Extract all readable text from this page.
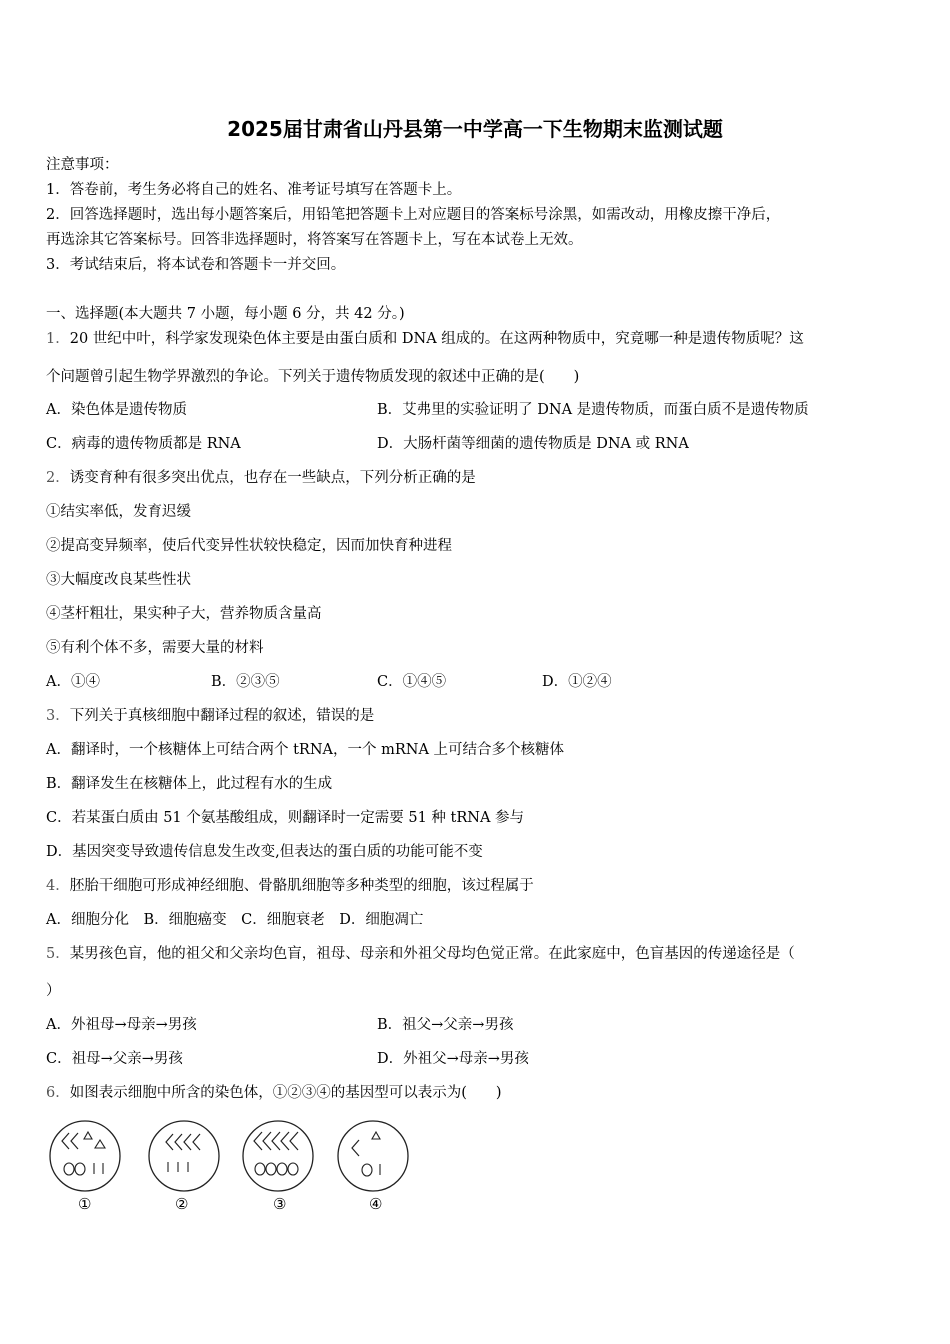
2025届甘肃省山丹县第一中学高一下生物期末监测试题
注意事项：
1．答卷前，考生务必将自己的姓名、准考证号填写在答题卡上。
2．回答选择题时，选出每小题答案后，用铅笔把答题卡上对应题目的答案标号涂黑，如需改动，用橡皮擦干净后，
再选涂其它答案标号。回答非选择题时，将答案写在答题卡上，写在本试卷上无效。
3．考试结束后，将本试卷和答题卡一并交回。
一、选择题(本大题共 7 小题，每小题 6 分，共 42 分。)
1．20 世纪中叶，科学家发现染色体主要是由蛋白质和 DNA 组成的。在这两种物质中，究竟哪一种是遗传物质呢？这
个问题曾引起生物学界激烈的争论。下列关于遗传物质发现的叙述中正确的是(　　)
A．染色体是遗传物质	B．艾弗里的实验证明了 DNA 是遗传物质，而蛋白质不是遗传物质
C．病毒的遗传物质都是 RNA	D．大肠杆菌等细菌的遗传物质是 DNA 或 RNA
2．诱变育种有很多突出优点，也存在一些缺点，下列分析正确的是
①结实率低，发育迟缓
②提高变异频率，使后代变异性状较快稳定，因而加快育种进程
③大幅度改良某些性状
④茎杆粗壮，果实种子大，营养物质含量高
⑤有利个体不多，需要大量的材料
A．①④	B．②③⑤	C．①④⑤	D．①②④
3．下列关于真核细胞中翻译过程的叙述，错误的是
A．翻译时，一个核糖体上可结合两个 tRNA，一个 mRNA 上可结合多个核糖体
B．翻译发生在核糖体上，此过程有水的生成
C．若某蛋白质由 51 个氨基酸组成，则翻译时一定需要 51 种 tRNA 参与
D．基因突变导致遗传信息发生改变,但表达的蛋白质的功能可能不变
4．胚胎干细胞可形成神经细胞、骨骼肌细胞等多种类型的细胞，该过程属于
A．细胞分化　B．细胞癌变　C．细胞衰老　D．细胞凋亡
5．某男孩色盲，他的祖父和父亲均色盲，祖母、母亲和外祖父母均色觉正常。在此家庭中，色盲基因的传递途径是（
）
A．外祖母→母亲→男孩	B．祖父→父亲→男孩
C．祖母→父亲→男孩	D．外祖父→母亲→男孩
6．如图表示细胞中所含的染色体，①②③④的基因型可以表示为(　　)
①	②	③	④
